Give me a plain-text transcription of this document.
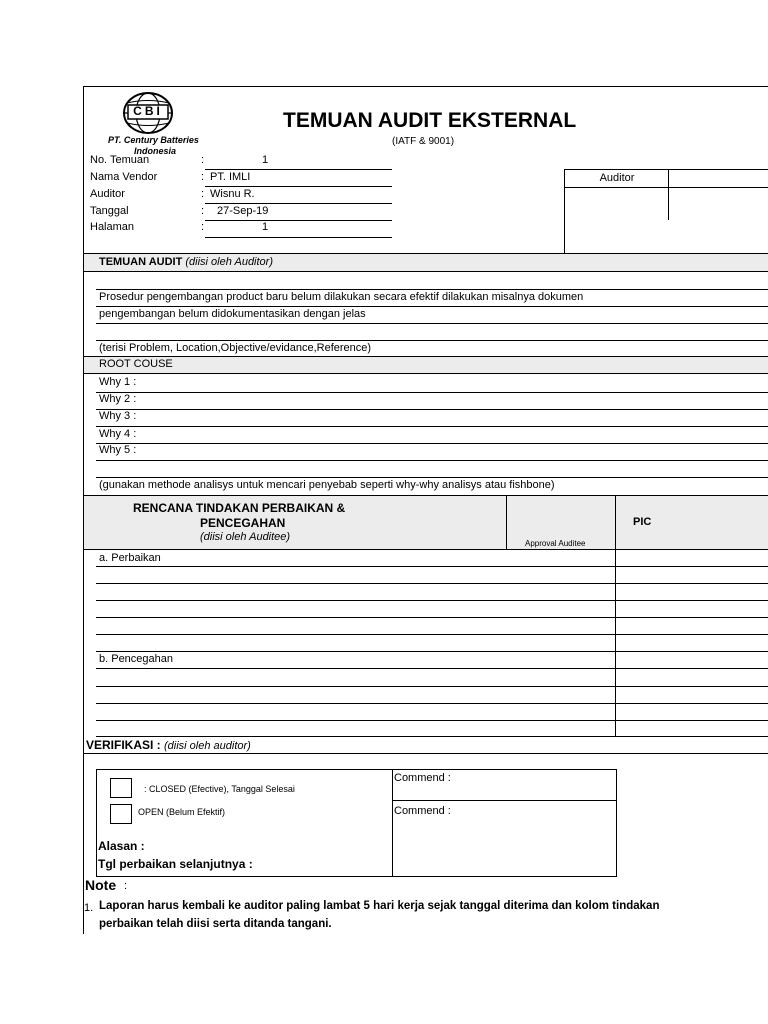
CBI
PT. Century Batteries
Indonesia
TEMUAN AUDIT EKSTERNAL
(IATF & 9001)
No. Temuan	:	1
Nama Vendor	: PT. IMLI
Auditor	: Wisnu R.
Tanggal	: 27-Sep-19
Halaman	:	1
Auditor
TEMUAN AUDIT (diisi oleh Auditor)
Prosedur pengembangan product baru belum dilakukan secara efektif dilakukan misalnya dokumen
pengembangan belum didokumentasikan dengan jelas
(terisi Problem, Location,Objective/evidance,Reference)
ROOT COUSE
Why 1 :
Why 2 :
Why 3 :
Why 4 :
Why 5 :
(gunakan methode analisys untuk mencari penyebab seperti why-why analisys atau fishbone)
RENCANA TINDAKAN PERBAIKAN &
PENCEGAHAN
(diisi oleh Auditee)
Approval Auditee
PIC
a. Perbaikan
b. Pencegahan
VERIFIKASI : (diisi oleh auditor)
: CLOSED (Efective), Tanggal Selesai
OPEN (Belum Efektif)
Commend :
Commend :
Alasan :
Tgl perbaikan selanjutnya :
Note :
1. Laporan harus kembali ke auditor paling lambat 5 hari kerja sejak tanggal diterima dan kolom tindakan
perbaikan telah diisi serta ditanda tangani.
